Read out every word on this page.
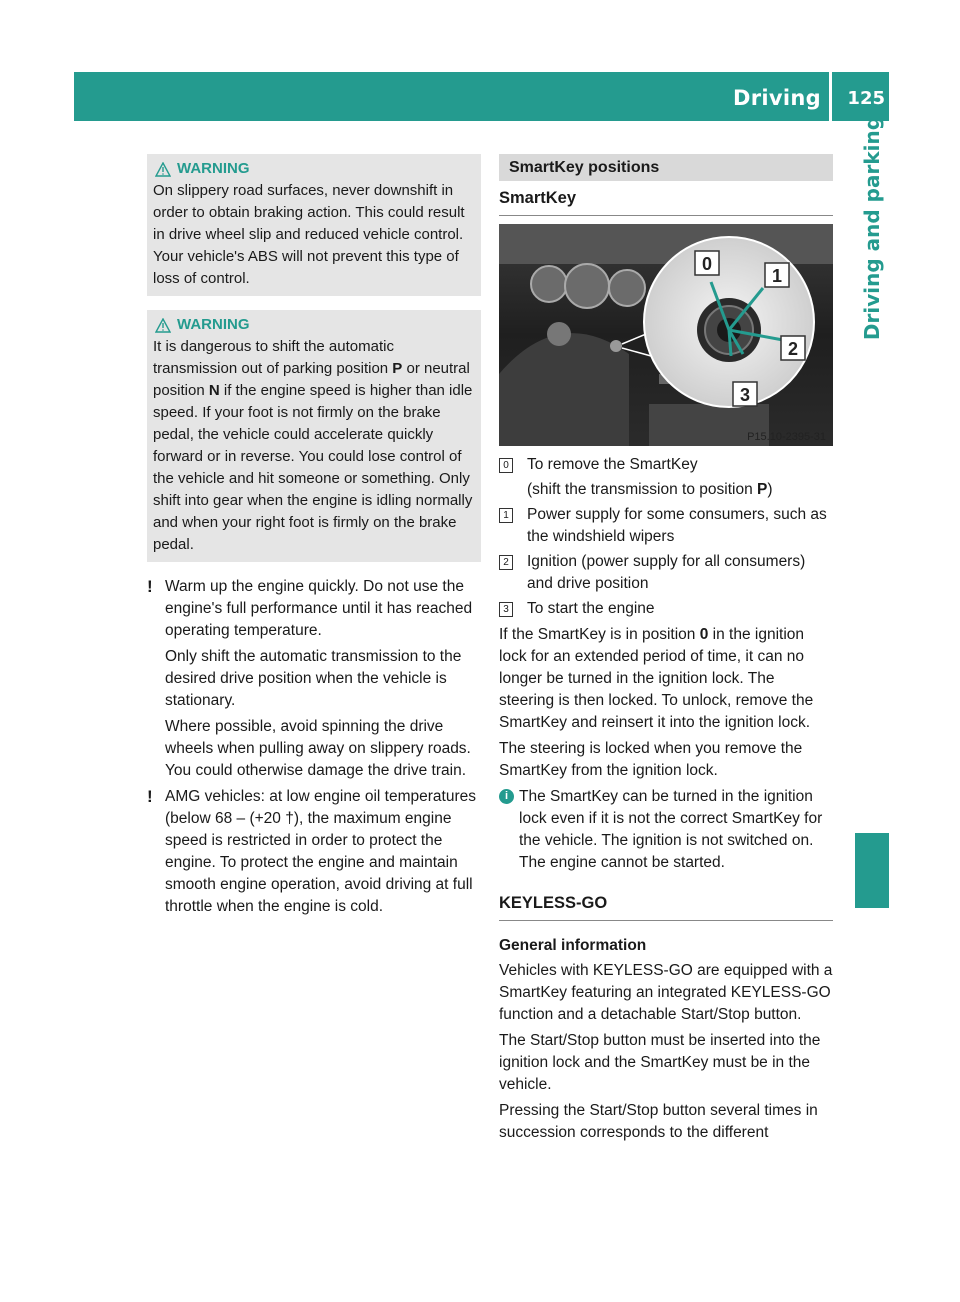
Driving 125
Driving and parking
WARNING
On slippery road surfaces, never downshift in order to obtain braking action. This could result in drive wheel slip and reduced vehicle control. Your vehicle's ABS will not prevent this type of loss of control.
WARNING
It is dangerous to shift the automatic transmission out of parking position P or neutral position N if the engine speed is higher than idle speed. If your foot is not firmly on the brake pedal, the vehicle could accelerate quickly forward or in reverse. You could lose control of the vehicle and hit someone or something. Only shift into gear when the engine is idling normally and when your right foot is firmly on the brake pedal.
! Warm up the engine quickly. Do not use the engine's full performance until it has reached operating temperature.

Only shift the automatic transmission to the desired drive position when the vehicle is stationary.

Where possible, avoid spinning the drive wheels when pulling away on slippery roads. You could otherwise damage the drive train.

! AMG vehicles: at low engine oil temperatures (below 68 ‒ (+20 †), the maximum engine speed is restricted in order to protect the engine. To protect the engine and maintain smooth engine operation, avoid driving at full throttle when the engine is cold.

SmartKey positions
SmartKey
0
1
2
3
P15.10-2395-31
0 To remove the SmartKey
(shift the transmission to position P)
1 Power supply for some consumers, such as the windshield wipers
2 Ignition (power supply for all consumers) and drive position
3 To start the engine

If the SmartKey is in position 0 in the ignition lock for an extended period of time, it can no longer be turned in the ignition lock. The steering is then locked. To unlock, remove the SmartKey and reinsert it into the ignition lock.

The steering is locked when you remove the SmartKey from the ignition lock.

i The SmartKey can be turned in the ignition lock even if it is not the correct SmartKey for the vehicle. The ignition is not switched on. The engine cannot be started.
KEYLESS-GO
General information

Vehicles with KEYLESS-GO are equipped with a SmartKey featuring an integrated KEYLESS-GO function and a detachable Start/Stop button.

The Start/Stop button must be inserted into the ignition lock and the SmartKey must be in the vehicle.

Pressing the Start/Stop button several times in succession corresponds to the different
